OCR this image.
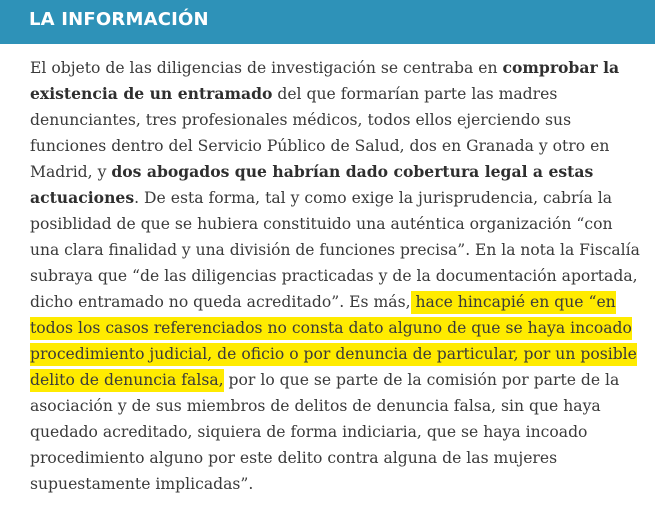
LA INFORMACIÓN
El objeto de las diligencias de investigación se centraba en comprobar la
existencia de un entramado del que formarían parte las madres
denunciantes, tres profesionales médicos, todos ellos ejerciendo sus
funciones dentro del Servicio Público de Salud, dos en Granada y otro en
Madrid, y dos abogados que habrían dado cobertura legal a estas
actuaciones. De esta forma, tal y como exige la jurisprudencia, cabría la
posiblidad de que se hubiera constituido una auténtica organización “con
una clara finalidad y una división de funciones precisa”. En la nota la Fiscalía
subraya que “de las diligencias practicadas y de la documentación aportada,
dicho entramado no queda acreditado”. Es más, hace hincapié en que “en
todos los casos referenciados no consta dato alguno de que se haya incoado
procedimiento judicial, de oficio o por denuncia de particular, por un posible
delito de denuncia falsa, por lo que se parte de la comisión por parte de la
asociación y de sus miembros de delitos de denuncia falsa, sin que haya
quedado acreditado, siquiera de forma indiciaria, que se haya incoado
procedimiento alguno por este delito contra alguna de las mujeres
supuestamente implicadas”.
